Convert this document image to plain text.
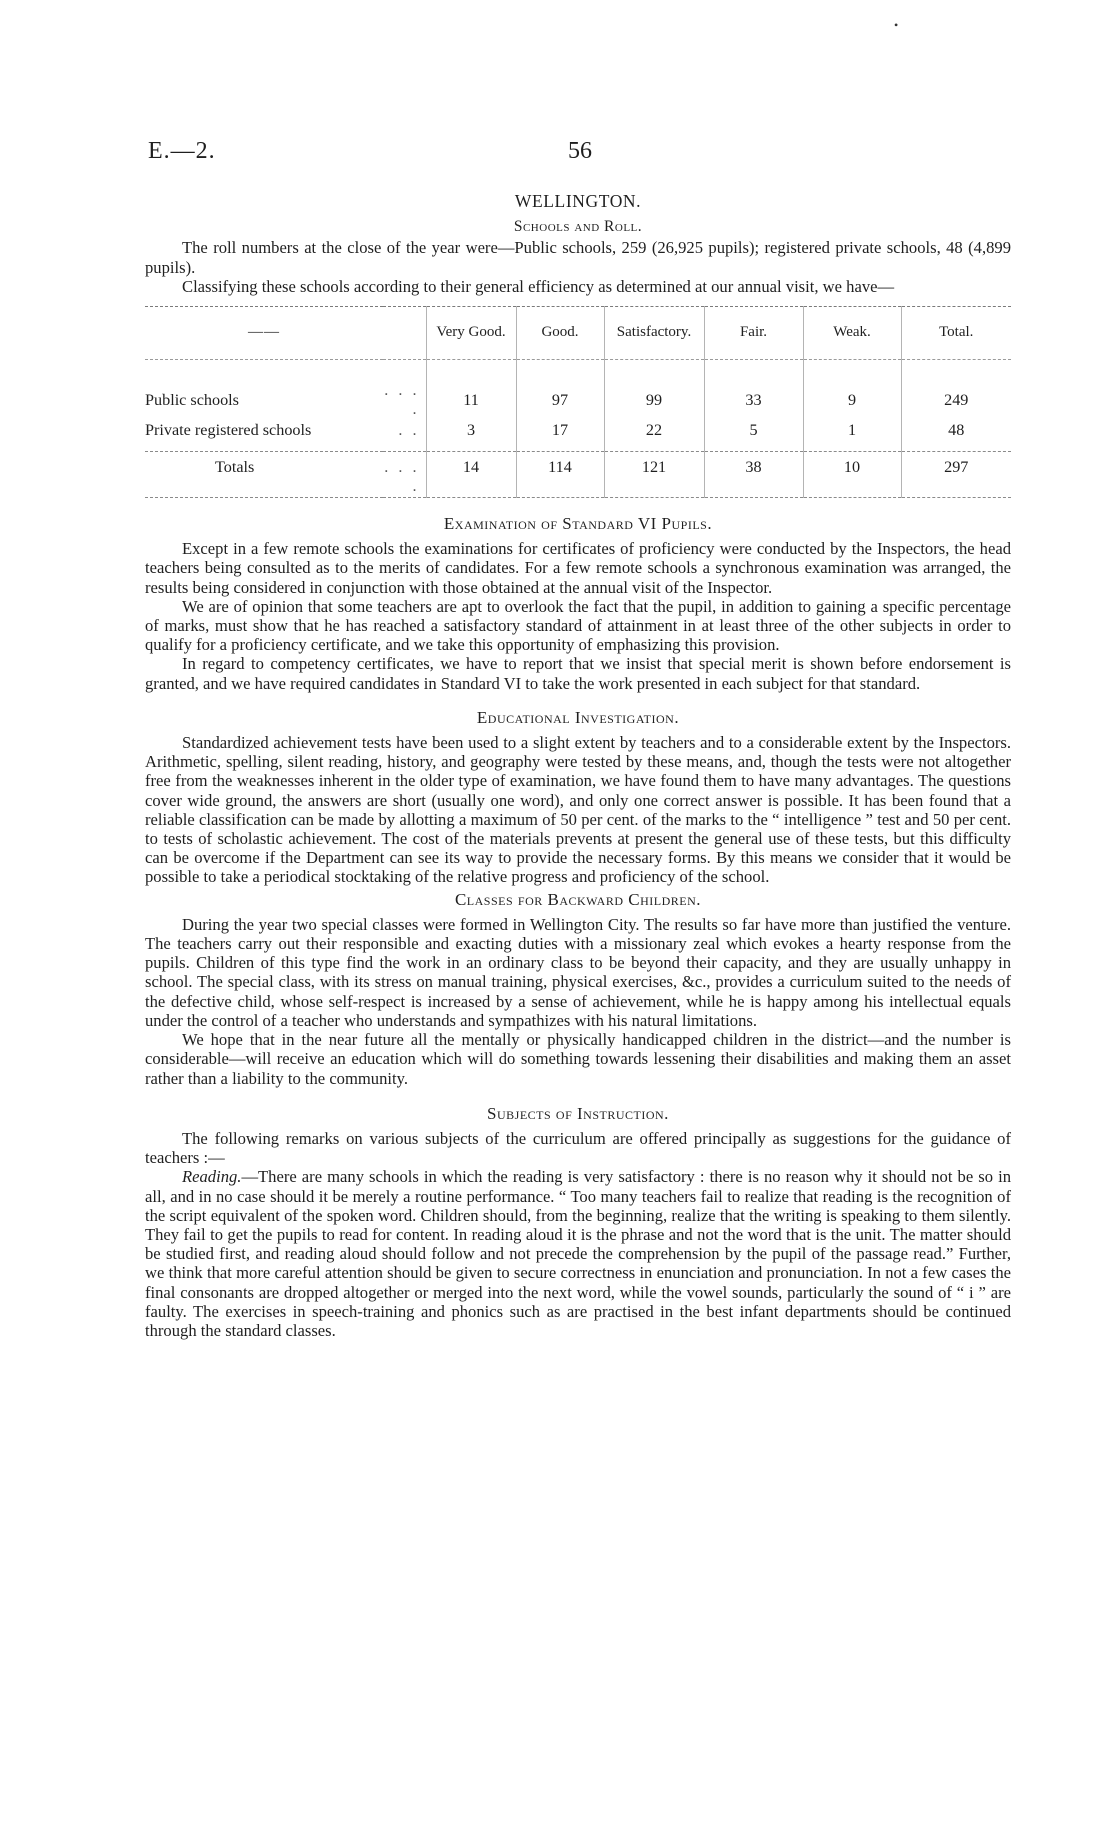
•
E.—2.	56
WELLINGTON.
Schools and Roll.

The roll numbers at the close of the year were—Public schools, 259 (26,925 pupils); registered private schools, 48 (4,899 pupils).

Classifying these schools according to their general efficiency as determined at our annual visit, we have—

——		Very Good.	Good.	Satisfactory.	Fair.	Weak.	Total.

Public schools	. . . .	11	97	99	33	9	249
Private registered schools	. .	3	17	22	5	1	48

Totals	. . . .	14	114	121	38	10	297
Examination of Standard VI Pupils.

Except in a few remote schools the examinations for certificates of proficiency were conducted by the Inspectors, the head teachers being consulted as to the merits of candidates. For a few remote schools a synchronous examination was arranged, the results being considered in conjunction with those obtained at the annual visit of the Inspector.

We are of opinion that some teachers are apt to overlook the fact that the pupil, in addition to gaining a specific percentage of marks, must show that he has reached a satisfactory standard of attainment in at least three of the other subjects in order to qualify for a proficiency certificate, and we take this opportunity of emphasizing this provision.

In regard to competency certificates, we have to report that we insist that special merit is shown before endorsement is granted, and we have required candidates in Standard VI to take the work presented in each subject for that standard.

Educational Investigation.

Standardized achievement tests have been used to a slight extent by teachers and to a considerable extent by the Inspectors. Arithmetic, spelling, silent reading, history, and geography were tested by these means, and, though the tests were not altogether free from the weaknesses inherent in the older type of examination, we have found them to have many advantages. The questions cover wide ground, the answers are short (usually one word), and only one correct answer is possible. It has been found that a reliable classification can be made by allotting a maximum of 50 per cent. of the marks to the “ intelligence ” test and 50 per cent. to tests of scholastic achievement. The cost of the materials prevents at present the general use of these tests, but this difficulty can be overcome if the Department can see its way to provide the necessary forms. By this means we consider that it would be possible to take a periodical stocktaking of the relative progress and proficiency of the school.

Classes for Backward Children.

During the year two special classes were formed in Wellington City. The results so far have more than justified the venture. The teachers carry out their responsible and exacting duties with a missionary zeal which evokes a hearty response from the pupils. Children of this type find the work in an ordinary class to be beyond their capacity, and they are usually unhappy in school. The special class, with its stress on manual training, physical exercises, &c., provides a curriculum suited to the needs of the defective child, whose self-respect is increased by a sense of achievement, while he is happy among his intellectual equals under the control of a teacher who understands and sympathizes with his natural limitations.

We hope that in the near future all the mentally or physically handicapped children in the district—and the number is considerable—will receive an education which will do something towards lessening their disabilities and making them an asset rather than a liability to the community.

Subjects of Instruction.

The following remarks on various subjects of the curriculum are offered principally as suggestions for the guidance of teachers :—

Reading.—There are many schools in which the reading is very satisfactory : there is no reason why it should not be so in all, and in no case should it be merely a routine performance. “ Too many teachers fail to realize that reading is the recognition of the script equivalent of the spoken word. Children should, from the beginning, realize that the writing is speaking to them silently. They fail to get the pupils to read for content. In reading aloud it is the phrase and not the word that is the unit. The matter should be studied first, and reading aloud should follow and not precede the comprehension by the pupil of the passage read.” Further, we think that more careful attention should be given to secure correctness in enunciation and pronunciation. In not a few cases the final consonants are dropped altogether or merged into the next word, while the vowel sounds, particularly the sound of “ i ” are faulty. The exercises in speech-training and phonics such as are practised in the best infant departments should be continued through the standard classes.
